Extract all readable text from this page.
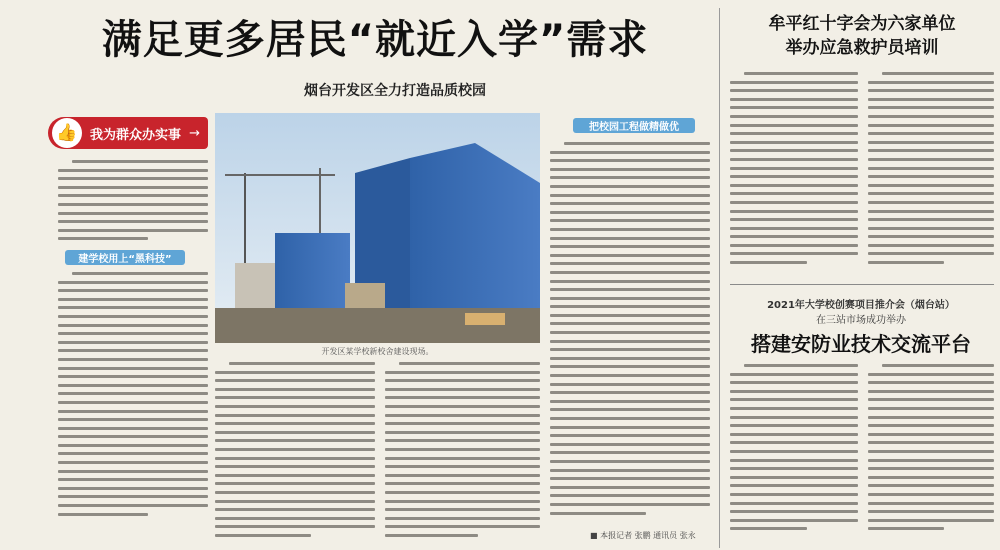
满足更多居民“就近入学”需求
烟台开发区全力打造品质校园
👍 我为群众办实事 →
建学校用上“黑科技”
开发区某学校新校舍建设现场。
把校园工程做精做优
■ 本报记者 张鹏 通讯员 张永
牟平红十字会为六家单位
举办应急救护员培训
2021年大学校创赛项目推介会（烟台站）
在三站市场成功举办
搭建安防业技术交流平台
